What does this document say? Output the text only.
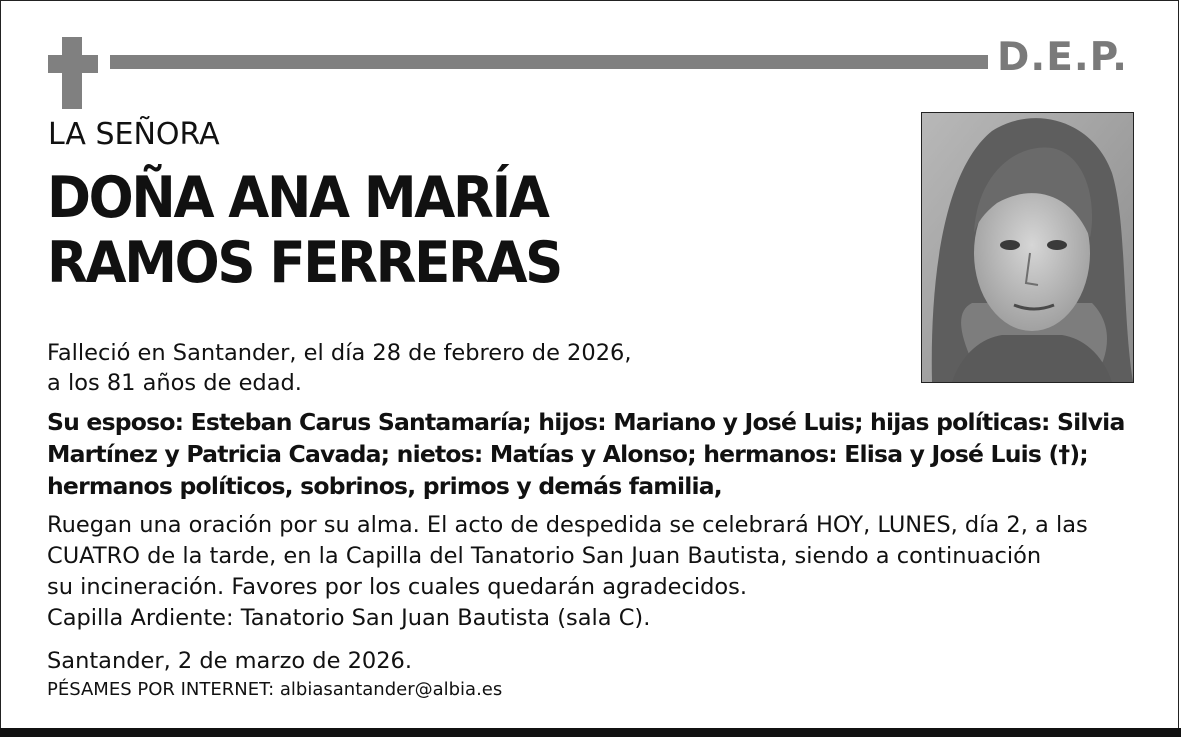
D.E.P.
LA SEÑORA
DOÑA ANA MARÍA
RAMOS FERRERAS
Falleció en Santander, el día 28 de febrero de 2026,
a los 81 años de edad.
Su esposo: Esteban Carus Santamaría; hijos: Mariano y José Luis; hijas políticas: Silvia
Martínez y Patricia Cavada; nietos: Matías y Alonso; hermanos: Elisa y José Luis (†);
hermanos políticos, sobrinos, primos y demás familia,
Ruegan una oración por su alma. El acto de despedida se celebrará HOY, LUNES, día 2, a las
CUATRO de la tarde, en la Capilla del Tanatorio San Juan Bautista, siendo a continuación
su incineración. Favores por los cuales quedarán agradecidos.
Capilla Ardiente: Tanatorio San Juan Bautista (sala C).
Santander, 2 de marzo de 2026.
PÉSAMES POR INTERNET: albiasantander@albia.es
